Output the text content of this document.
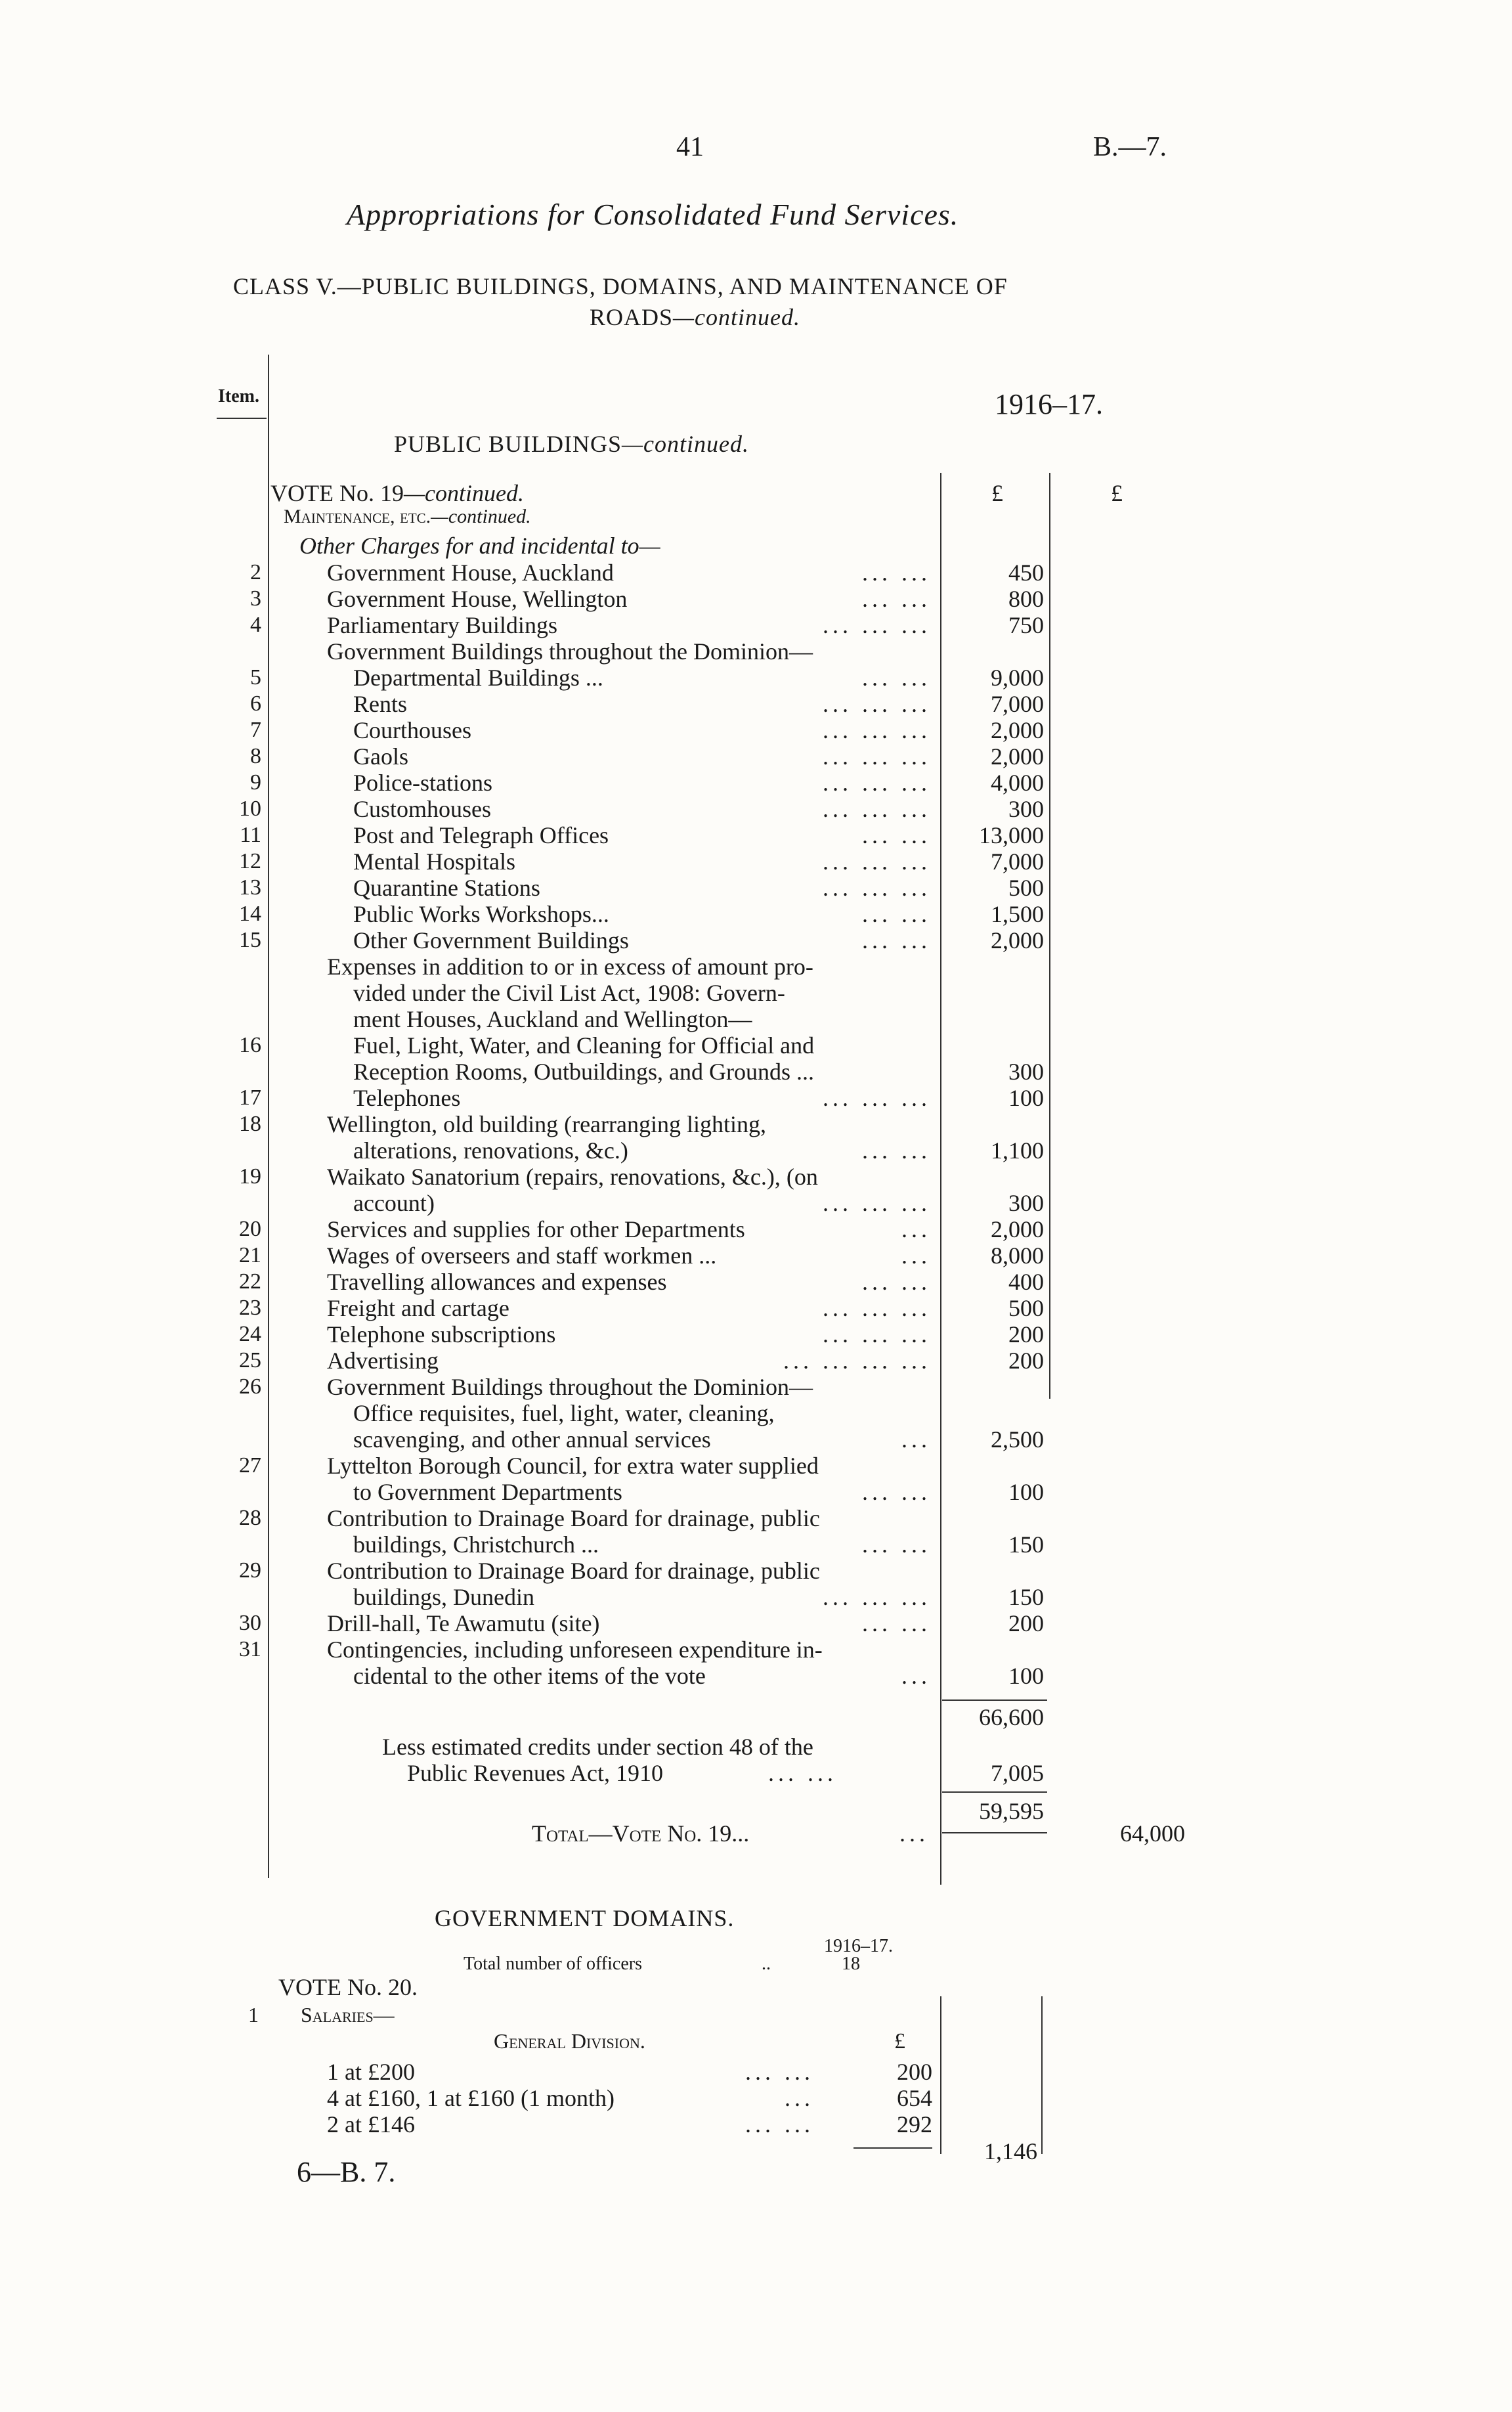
41	B.—7.
Appropriations for Consolidated Fund Services.
CLASS V.—PUBLIC BUILDINGS, DOMAINS, AND MAINTENANCE OF
ROADS—continued.
Item.	1916–17.
PUBLIC BUILDINGS—continued.
VOTE No. 19—continued.	£	£
Maintenance, etc.—continued.
Other Charges for and incidental to—
2	Government House, Auckland	... ...	450
3	Government House, Wellington	... ...	800
4	Parliamentary Buildings	... ... ...	750
Government Buildings throughout the Dominion—
5	Departmental Buildings ...	... ...	9,000
6	Rents	... ... ...	7,000
7	Courthouses	... ... ...	2,000
8	Gaols	... ... ...	2,000
9	Police-stations	... ... ...	4,000
10	Customhouses	... ... ...	300
11	Post and Telegraph Offices	... ...	13,000
12	Mental Hospitals	... ... ...	7,000
13	Quarantine Stations	... ... ...	500
14	Public Works Workshops...	... ...	1,500
15	Other Government Buildings	... ...	2,000
Expenses in addition to or in excess of amount pro-
vided under the Civil List Act, 1908: Govern-
ment Houses, Auckland and Wellington—
16	Fuel, Light, Water, and Cleaning for Official and
Reception Rooms, Outbuildings, and Grounds ...	300
17	Telephones	... ... ...	100
18	Wellington, old building (rearranging lighting,
alterations, renovations, &c.)	... ...	1,100
19	Waikato Sanatorium (repairs, renovations, &c.), (on
account)	... ... ...	300
20	Services and supplies for other Departments	...	2,000
21	Wages of overseers and staff workmen ...	...	8,000
22	Travelling allowances and expenses	... ...	400
23	Freight and cartage	... ... ...	500
24	Telephone subscriptions	... ... ...	200
25	Advertising	... ... ... ...	200
26	Government Buildings throughout the Dominion—
Office requisites, fuel, light, water, cleaning,
scavenging, and other annual services	...	2,500
27	Lyttelton Borough Council, for extra water supplied
to Government Departments	... ...	100
28	Contribution to Drainage Board for drainage, public
buildings, Christchurch ...	... ...	150
29	Contribution to Drainage Board for drainage, public
buildings, Dunedin	... ... ...	150
30	Drill-hall, Te Awamutu (site)	... ...	200
31	Contingencies, including unforeseen expenditure in-
cidental to the other items of the vote	...	100
66,600
Less estimated credits under section 48 of the
Public Revenues Act, 1910	... ...	7,005
59,595
Total—Vote No. 19...	...	64,000
GOVERNMENT DOMAINS.
1916–17.
Total number of officers	..	18
VOTE No. 20.
1 Salaries—
General Division.	£
1 at £200	... ...	200
4 at £160, 1 at £160 (1 month)	...	654
2 at £146	... ...	292
1,146
6—B. 7.
